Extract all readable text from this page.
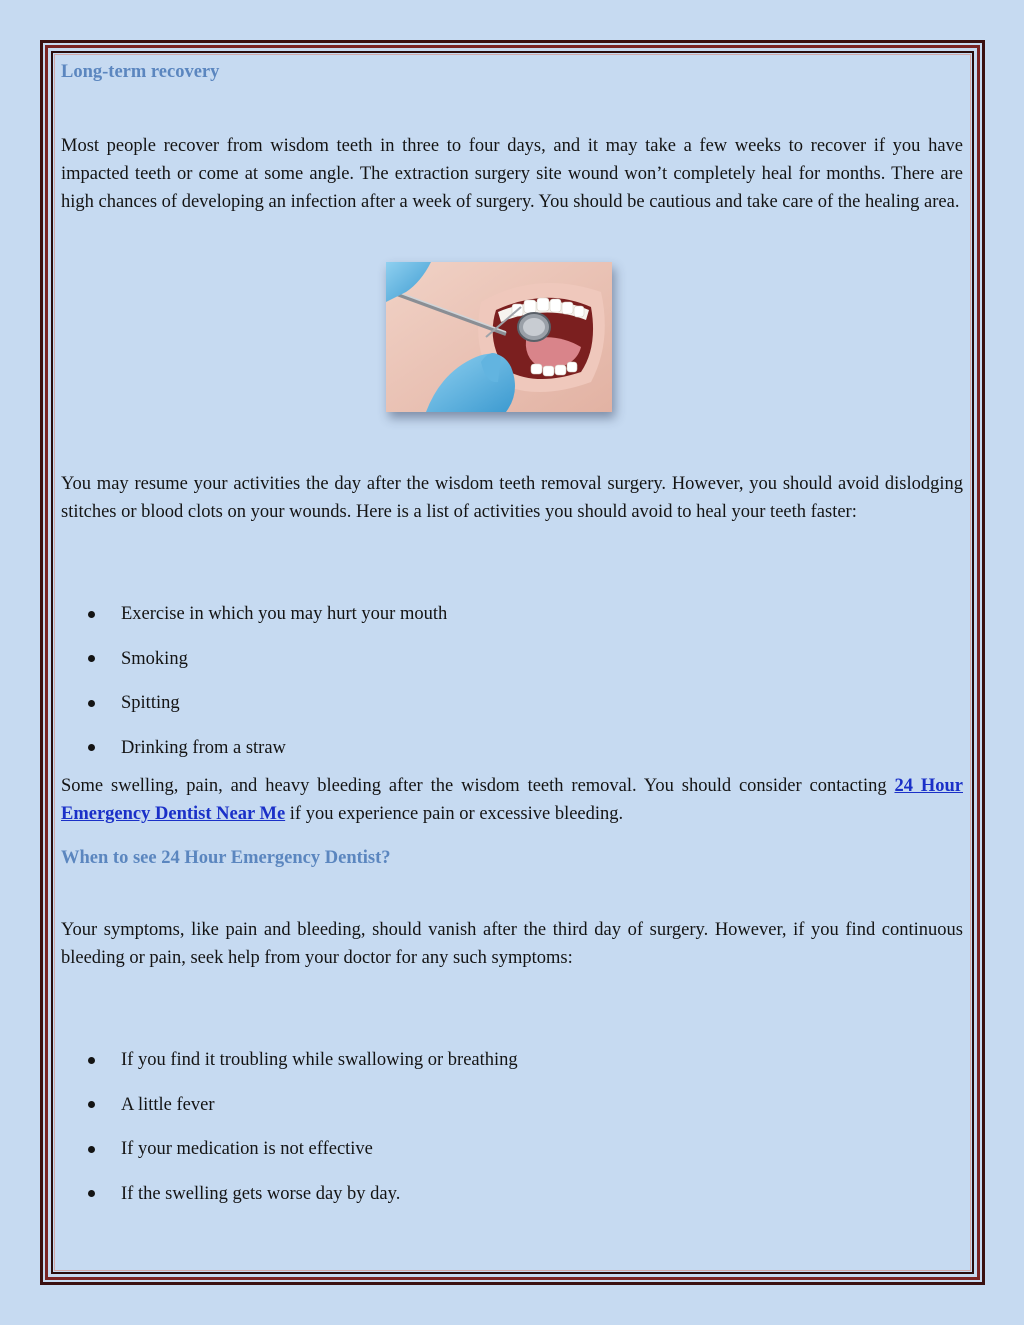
Long-term recovery

Most people recover from wisdom teeth in three to four days, and it may take a few weeks to recover if you have impacted teeth or come at some angle. The extraction surgery site wound won’t completely heal for months. There are high chances of developing an infection after a week of surgery. You should be cautious and take care of the healing area.

You may resume your activities the day after the wisdom teeth removal surgery. However, you should avoid dislodging stitches or blood clots on your wounds. Here is a list of activities you should avoid to heal your teeth faster:

Exercise in which you may hurt your mouth
Smoking
Spitting
Drinking from a straw

Some swelling, pain, and heavy bleeding after the wisdom teeth removal. You should consider contacting 24 Hour Emergency Dentist Near Me if you experience pain or excessive bleeding.

When to see 24 Hour Emergency Dentist?

Your symptoms, like pain and bleeding, should vanish after the third day of surgery. However, if you find continuous bleeding or pain, seek help from your doctor for any such symptoms:

If you find it troubling while swallowing or breathing
A little fever
If your medication is not effective
If the swelling gets worse day by day.
